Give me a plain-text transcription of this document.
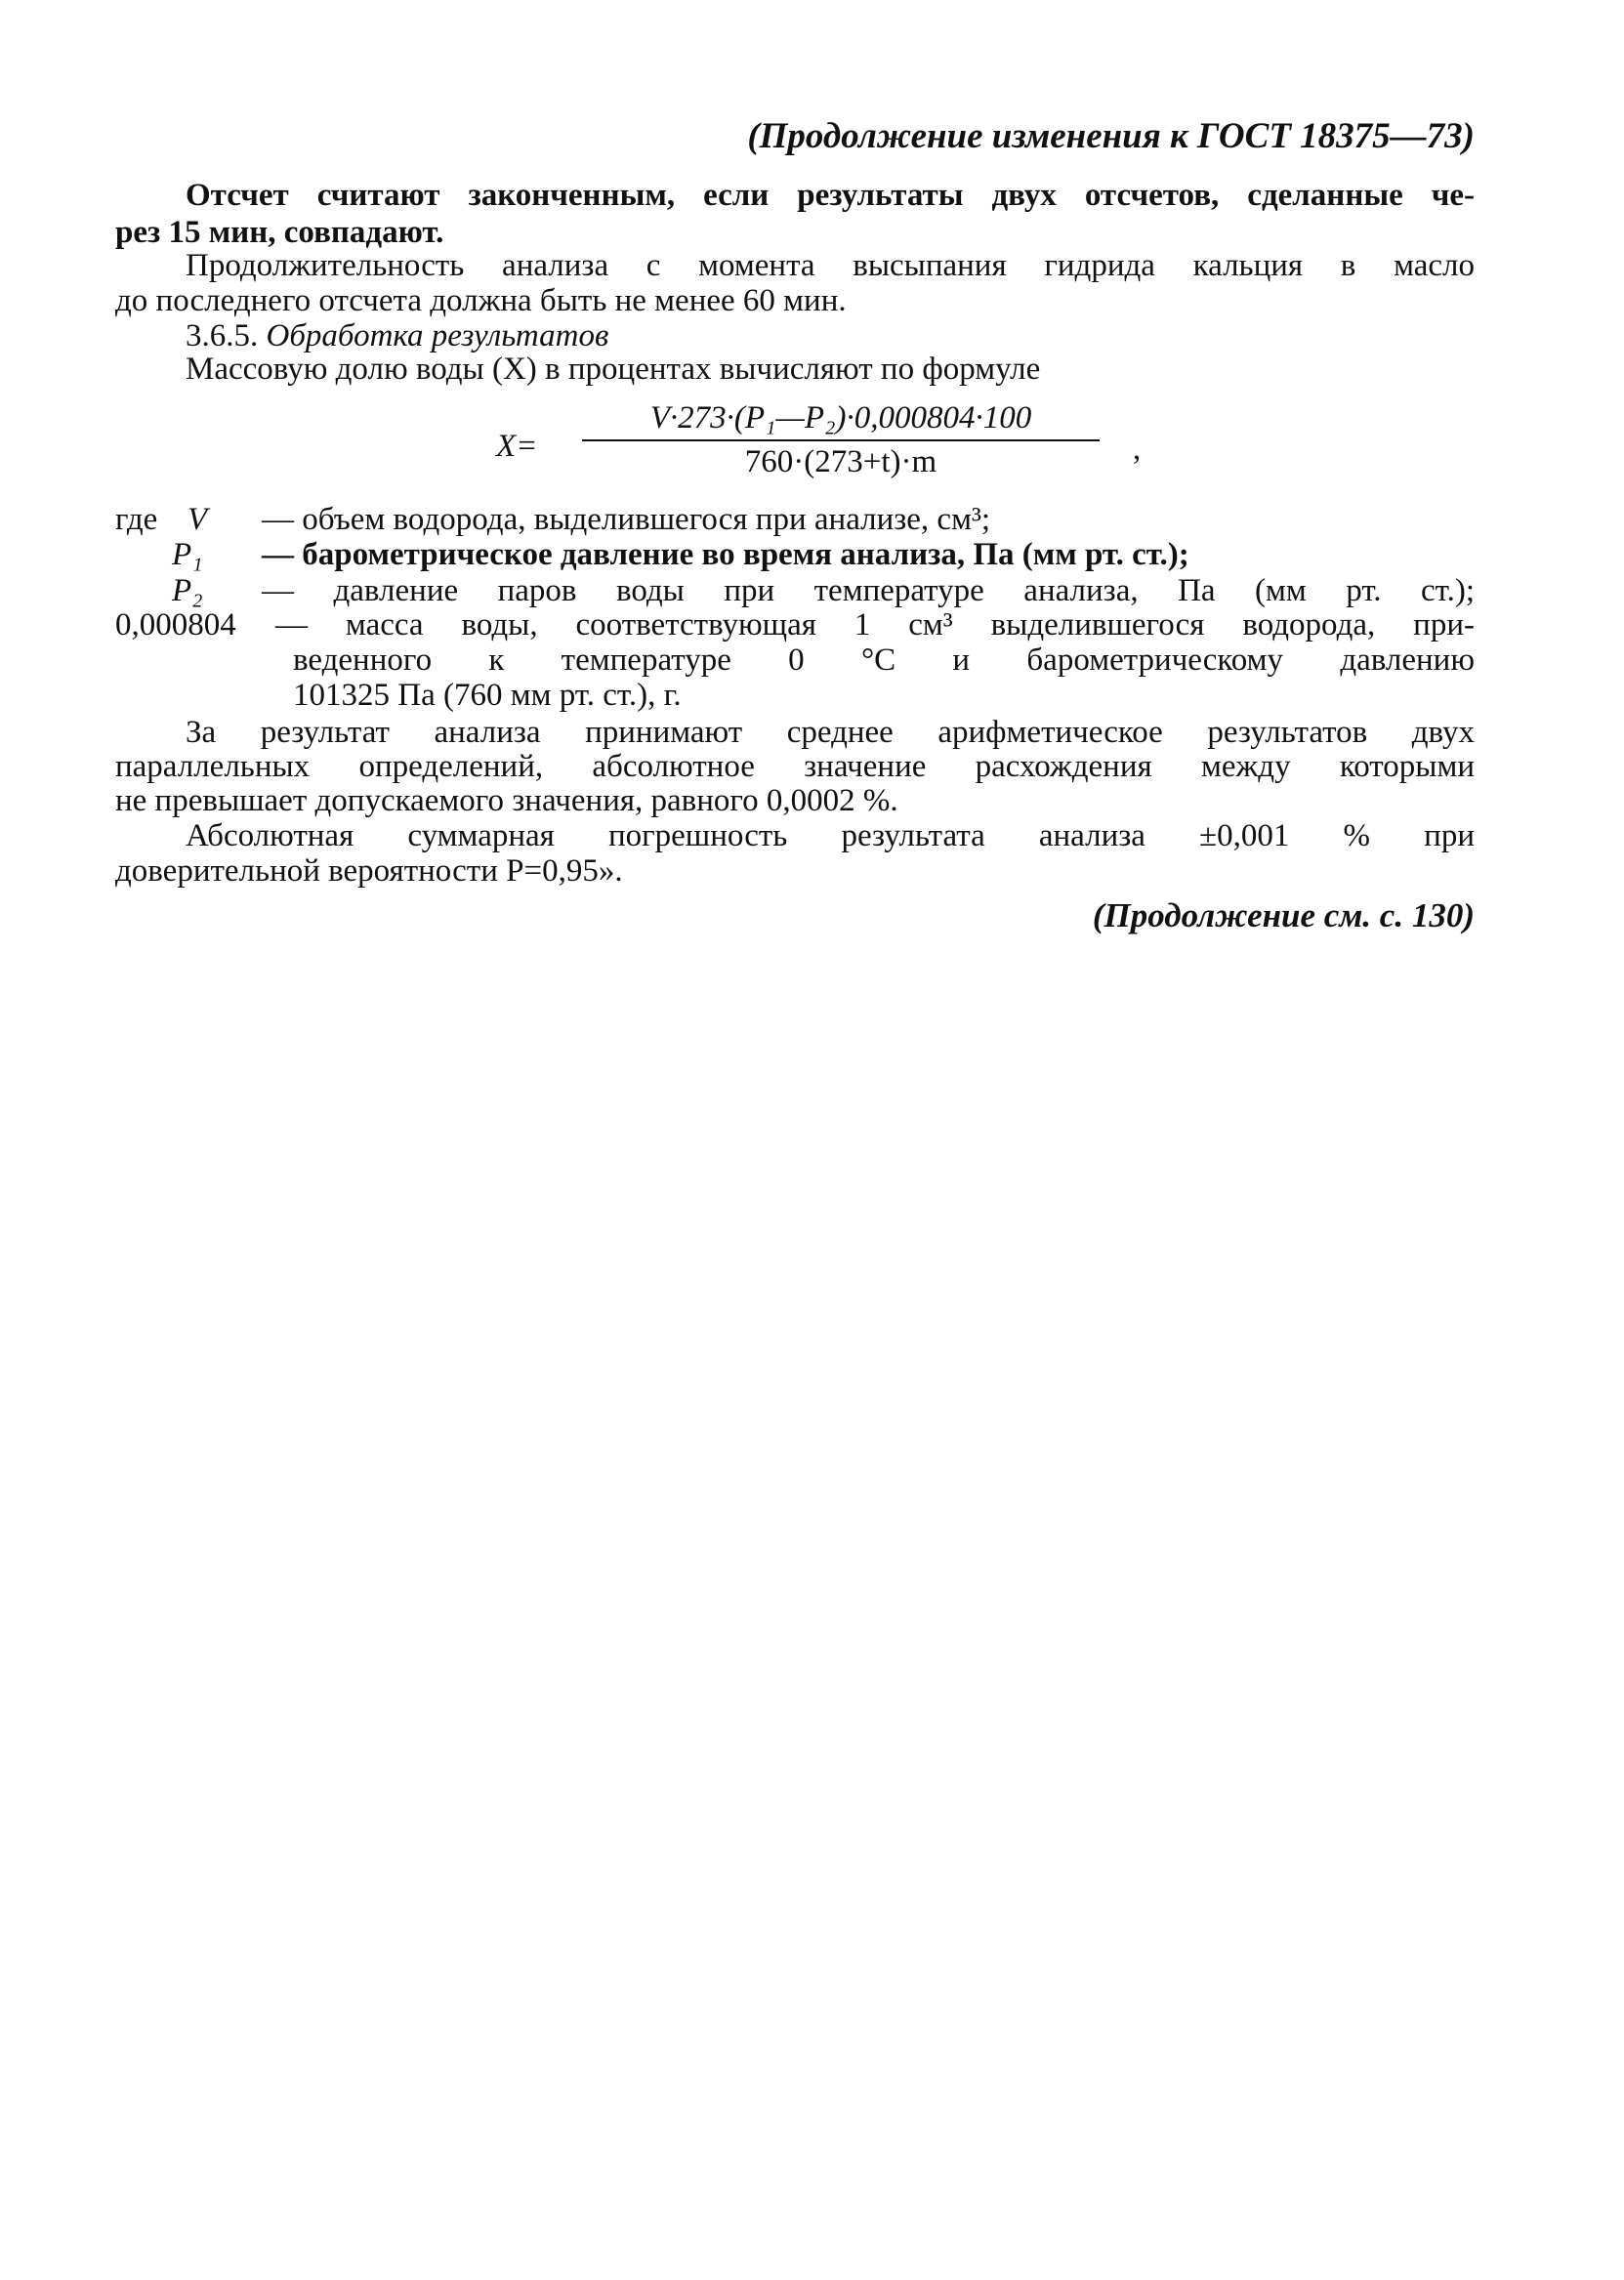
(Продолжение изменения к ГОСТ 18375—73)
Отсчет считают законченным, если результаты двух отсчетов, сделанные че-
рез 15 мин, совпадают.
Продолжительность анализа с момента высыпания гидрида кальция в масло
до последнего отсчета должна быть не менее 60 мин.
3.6.5. Обработка результатов
Массовую долю воды (X) в процентах вычисляют по формуле
X=
V·273·(P₁—P₂)·0,000804·100
760·(273+t)·m	,
где V — объем водорода, выделившегося при анализе, см³;
P₁ — барометрическое давление во время анализа, Па (мм рт. ст.);
P₂ — давление паров воды при температуре анализа, Па (мм рт. ст.);
0,000804 — масса воды, соответствующая 1 см³ выделившегося водорода, при-
веденного к температуре 0 °С и барометрическому давлению
101325 Па (760 мм рт. ст.), г.
За результат анализа принимают среднее арифметическое результатов двух
параллельных определений, абсолютное значение расхождения между которыми
не превышает допускаемого значения, равного 0,0002 %.
Абсолютная суммарная погрешность результата анализа ±0,001 % при
доверительной вероятности P=0,95».
(Продолжение см. с. 130)
